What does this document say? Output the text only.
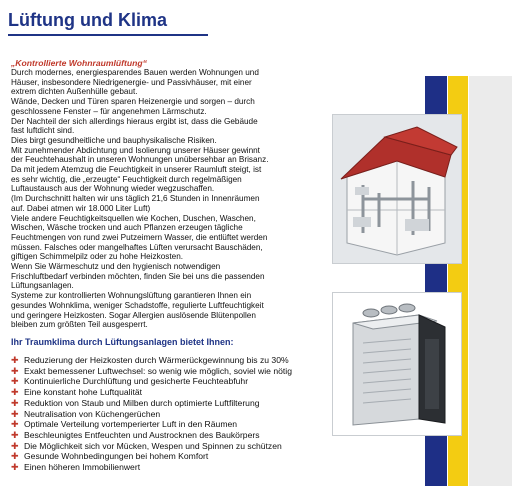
Lüftung und Klima
„Kontrollierte Wohnraumlüftung“
Durch modernes, energiesparendes Bauen werden Wohnungen und
Häuser, insbesondere Niedrigenergie- und Passivhäuser, mit einer
extrem dichten Außenhülle gebaut.
Wände, Decken und Türen sparen Heizenergie und sorgen – durch
geschlossene Fenster – für angenehmen Lärmschutz.
Der Nachteil der sich allerdings hieraus ergibt ist, dass die Gebäude
fast luftdicht sind.
Dies birgt gesundheitliche und bauphysikalische Risiken.
Mit zunehmender Abdichtung und Isolierung unserer Häuser gewinnt
der Feuchtehaushalt in unseren Wohnungen unübersehbar an Brisanz.
Da mit jedem Atemzug die Feuchtigkeit in unserer Raumluft steigt, ist
es sehr wichtig, die „erzeugte“ Feuchtigkeit durch regelmäßigen
Luftaustausch aus der Wohnung wieder wegzuschaffen.
(Im Durchschnitt halten wir uns täglich 21,6 Stunden in Innenräumen
auf. Dabei atmen wir 18.000 Liter Luft)
Viele andere Feuchtigkeitsquellen wie Kochen, Duschen, Waschen,
Wischen, Wäsche trocken und auch Pflanzen erzeugen tägliche
Feuchtmengen von rund zwei Putzeimern Wasser, die entlüftet werden
müssen. Falsches oder mangelhaftes Lüften verursacht Bauschäden,
giftigen Schimmelpilz oder zu hohe Heizkosten.
Wenn Sie Wärmeschutz und den hygienisch notwendigen
Frischluftbedarf verbinden möchten, finden Sie bei uns die passenden
Lüftungsanlagen.
Systeme zur kontrollierten Wohnungslüftung garantieren Ihnen ein
gesundes Wohnklima, weniger Schadstoffe, regulierte Luftfeuchtigkeit
und geringere Heizkosten. Sogar Allergien auslösende Blütenpollen
bleiben zum größten Teil ausgesperrt.
Ihr Traumklima durch Lüftungsanlagen bietet Ihnen:
✚ Reduzierung der Heizkosten durch Wärmerückgewinnung bis zu 30%
✚ Exakt bemessener Luftwechsel: so wenig wie möglich, soviel wie nötig
✚ Kontinuierliche Durchlüftung und gesicherte Feuchteabfuhr
✚ Eine konstant hohe Luftqualität
✚ Reduktion von Staub und Milben durch optimierte Luftfilterung
✚ Neutralisation von Küchengerüchen
✚ Optimale Verteilung vortemperierter Luft in den Räumen
✚ Beschleunigtes Entfeuchten und Austrocknen des Baukörpers
✚ Die Möglichkeit sich vor Mücken, Wespen und Spinnen zu schützen
✚ Gesunde Wohnbedingungen bei hohem Komfort
✚ Einen höheren Immobilienwert
